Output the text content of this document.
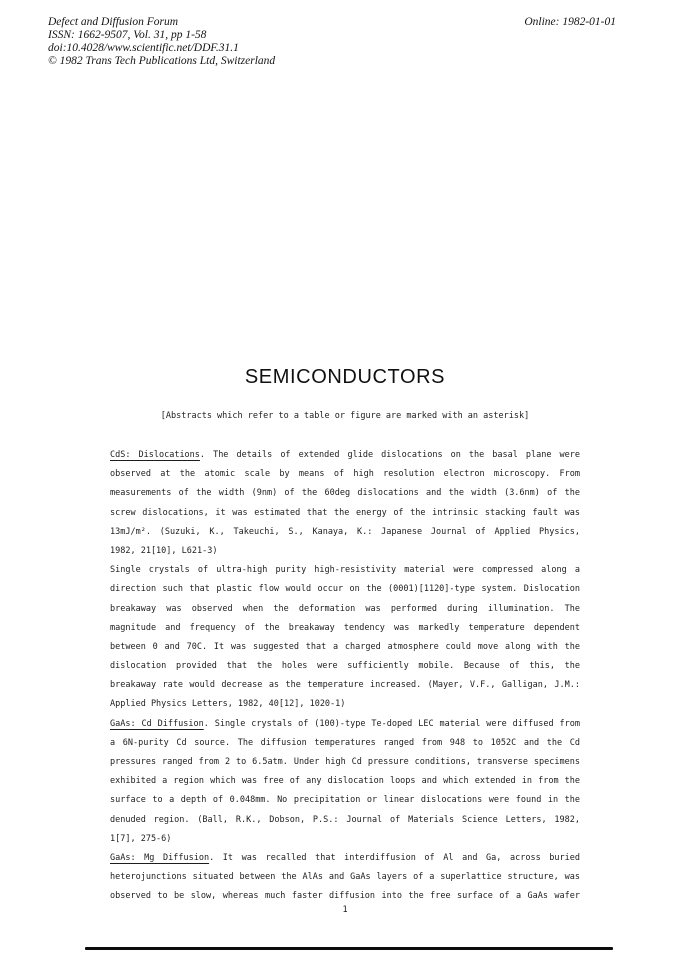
Defect and Diffusion Forum
ISSN: 1662-9507, Vol. 31, pp 1-58
doi:10.4028/www.scientific.net/DDF.31.1
© 1982 Trans Tech Publications Ltd, Switzerland
Online: 1982-01-01
SEMICONDUCTORS
[Abstracts which refer to a table or figure are marked with an asterisk]
CdS: Dislocations. The details of extended glide dislocations on the basal plane were
observed at the atomic scale by means of high resolution electron microscopy. From
measurements of the width (9nm) of the 60deg dislocations and the width (3.6nm) of the
screw dislocations, it was estimated that the energy of the intrinsic stacking fault was
13mJ/m². (Suzuki, K., Takeuchi, S., Kanaya, K.: Japanese Journal of Applied Physics,
1982, 21[10], L621-3)
Single crystals of ultra-high purity high-resistivity material were compressed along a
direction such that plastic flow would occur on the (0001)[1120]-type system. Dislocation
breakaway was observed when the deformation was performed during illumination. The
magnitude and frequency of the breakaway tendency was markedly temperature dependent
between 0 and 70C. It was suggested that a charged atmosphere could move along with the
dislocation provided that the holes were sufficiently mobile. Because of this, the
breakaway rate would decrease as the temperature increased. (Mayer, V.F., Galligan, J.M.:
Applied Physics Letters, 1982, 40[12], 1020-1)
GaAs: Cd Diffusion. Single crystals of (100)-type Te-doped LEC material were diffused from
a 6N-purity Cd source. The diffusion temperatures ranged from 948 to 1052C and the Cd
pressures ranged from 2 to 6.5atm. Under high Cd pressure conditions, transverse specimens
exhibited a region which was free of any dislocation loops and which extended in from the
surface to a depth of 0.048mm. No precipitation or linear dislocations were found in the
denuded region. (Ball, R.K., Dobson, P.S.: Journal of Materials Science Letters, 1982,
1[7], 275-6)
GaAs: Mg Diffusion. It was recalled that interdiffusion of Al and Ga, across buried
heterojunctions situated between the AlAs and GaAs layers of a superlattice structure, was
observed to be slow, whereas much faster diffusion into the free surface of a GaAs wafer
1
